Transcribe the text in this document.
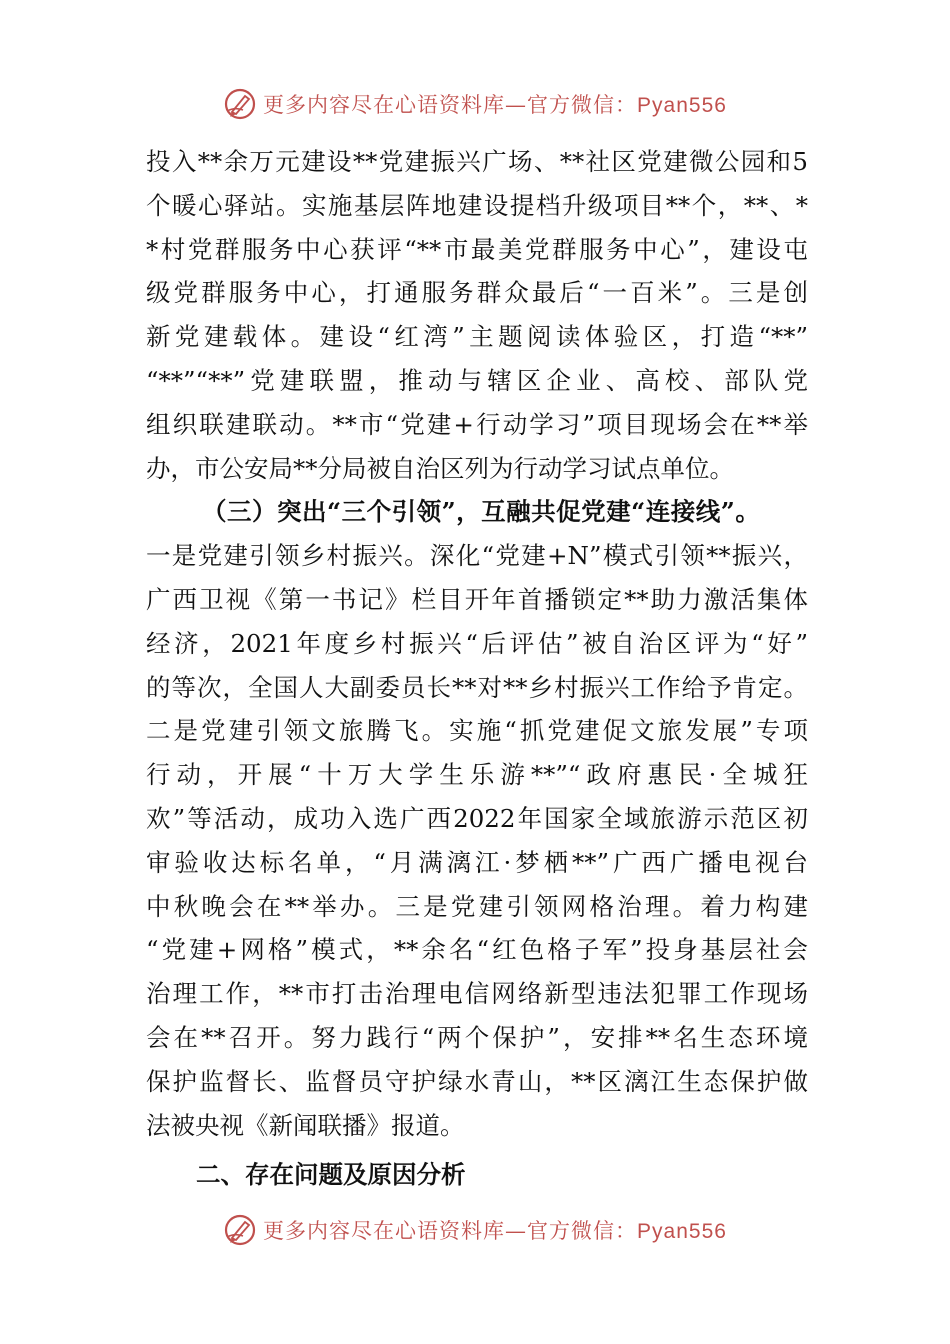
更多内容尽在心语资料库—官方微信：Pyan556
投入**余万元建设**党建振兴广场、**社区党建微公园和5
个暖心驿站。实施基层阵地建设提档升级项目**个，**、*
*村党群服务中心获评“**市最美党群服务中心”，建设屯
级党群服务中心，打通服务群众最后“一百米”。三是创
新党建载体。建设“红湾”主题阅读体验区，打造“**”
“**”“**”党建联盟，推动与辖区企业、高校、部队党
组织联建联动。**市“党建+行动学习”项目现场会在**举
办，市公安局**分局被自治区列为行动学习试点单位。
（三）突出“三个引领”，互融共促党建“连接线”。
一是党建引领乡村振兴。深化“党建+N”模式引领**振兴，
广西卫视《第一书记》栏目开年首播锁定**助力激活集体
经济，2021年度乡村振兴“后评估”被自治区评为“好”
的等次，全国人大副委员长**对**乡村振兴工作给予肯定。
二是党建引领文旅腾飞。实施“抓党建促文旅发展”专项
行动，开展“十万大学生乐游**”“政府惠民·全城狂
欢”等活动，成功入选广西2022年国家全域旅游示范区初
审验收达标名单，“月满漓江·梦栖**”广西广播电视台
中秋晚会在**举办。三是党建引领网格治理。着力构建
“党建+网格”模式，**余名“红色格子军”投身基层社会
治理工作，**市打击治理电信网络新型违法犯罪工作现场
会在**召开。努力践行“两个保护”，安排**名生态环境
保护监督长、监督员守护绿水青山，**区漓江生态保护做
法被央视《新闻联播》报道。
二、存在问题及原因分析
更多内容尽在心语资料库—官方微信：Pyan556
